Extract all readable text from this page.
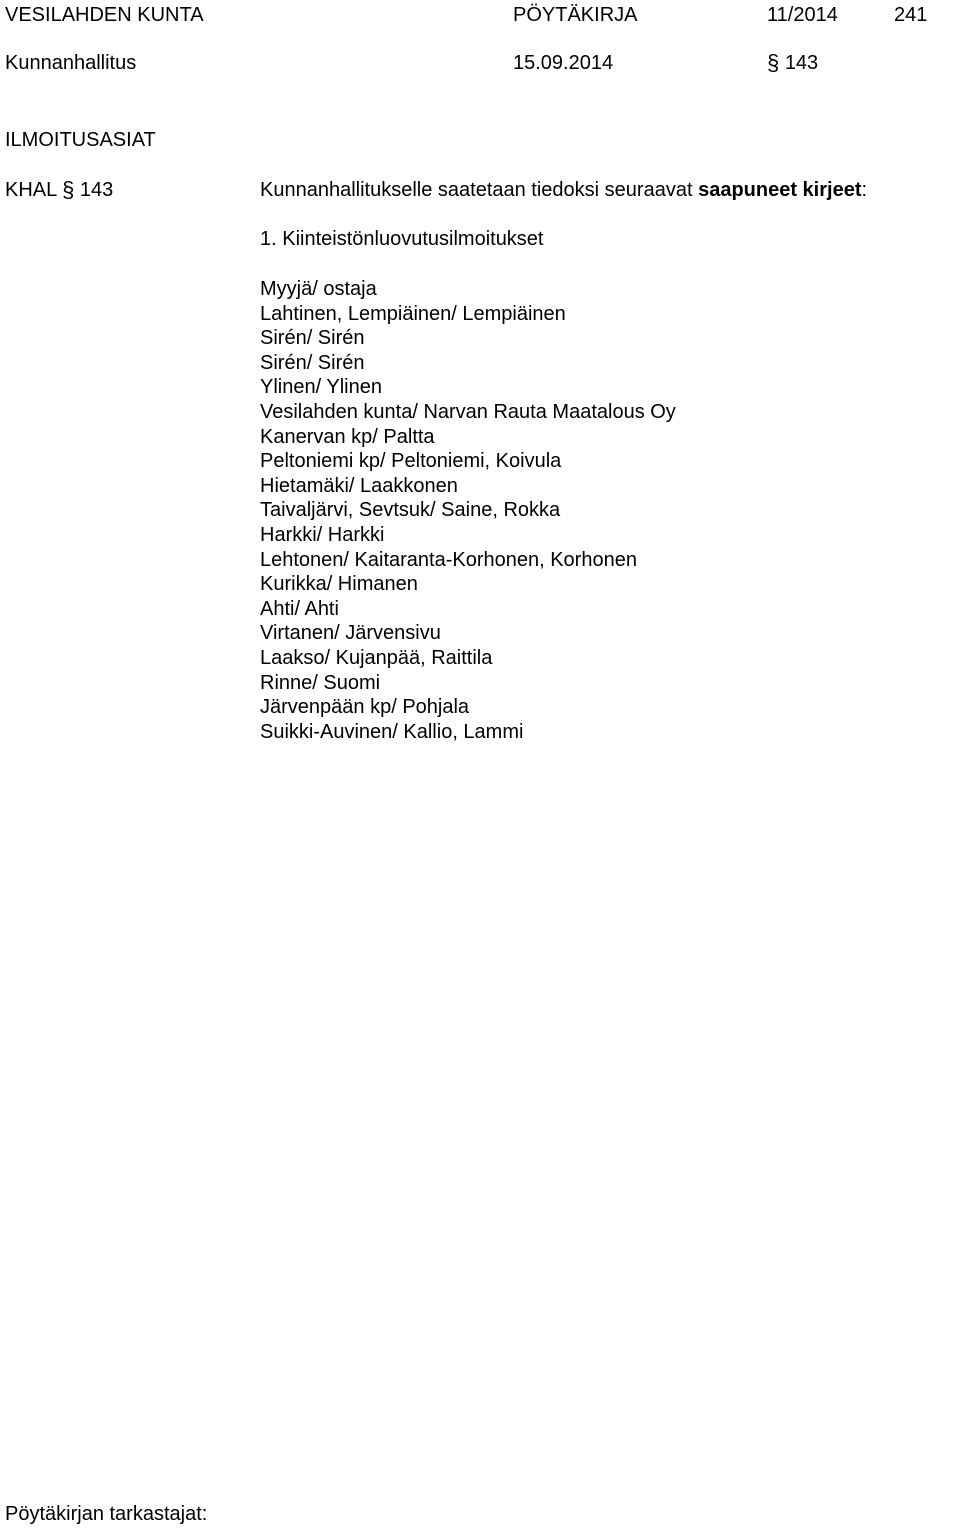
VESILAHDEN KUNTA	PÖYTÄKIRJA	11/2014	241
Kunnanhallitus	15.09.2014	§ 143
ILMOITUSASIAT
KHAL § 143	Kunnanhallitukselle saatetaan tiedoksi seuraavat saapuneet kirjeet:
1. Kiinteistönluovutusilmoitukset
Myyjä/ ostaja
Lahtinen, Lempiäinen/ Lempiäinen
Sirén/ Sirén
Sirén/ Sirén
Ylinen/ Ylinen
Vesilahden kunta/ Narvan Rauta Maatalous Oy
Kanervan kp/ Paltta
Peltoniemi kp/ Peltoniemi, Koivula
Hietamäki/ Laakkonen
Taivaljärvi, Sevtsuk/ Saine, Rokka
Harkki/ Harkki
Lehtonen/ Kaitaranta-Korhonen, Korhonen
Kurikka/ Himanen
Ahti/ Ahti
Virtanen/ Järvensivu
Laakso/ Kujanpää, Raittila
Rinne/ Suomi
Järvenpään kp/ Pohjala
Suikki-Auvinen/ Kallio, Lammi
Pöytäkirjan tarkastajat:
